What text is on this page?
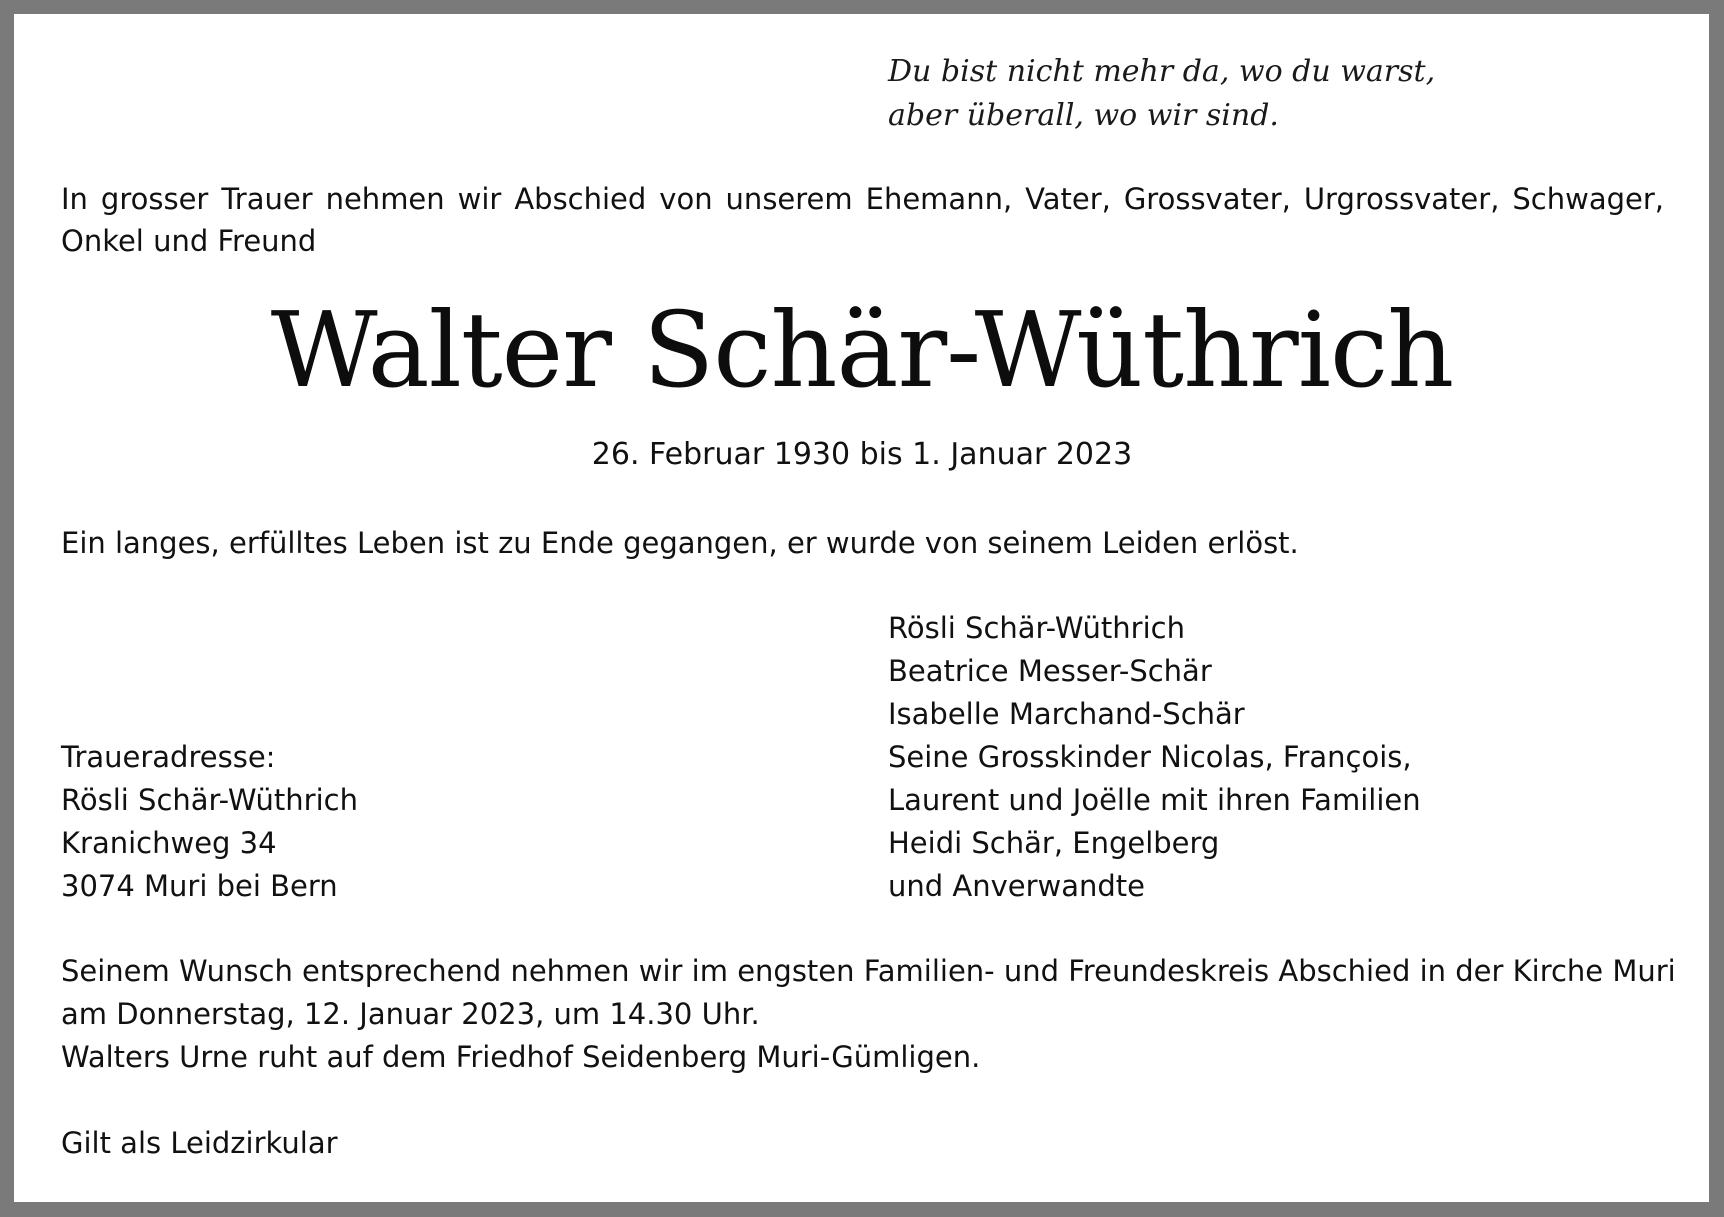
Du bist nicht mehr da, wo du warst,
aber überall, wo wir sind.
In grosser Trauer nehmen wir Abschied von unserem Ehemann, Vater, Grossvater, Urgrossvater, Schwager, Onkel und Freund
Walter Schär-Wüthrich
26. Februar 1930 bis 1. Januar 2023
Ein langes, erfülltes Leben ist zu Ende gegangen, er wurde von seinem Leiden erlöst.
Rösli Schär-Wüthrich
Beatrice Messer-Schär
Isabelle Marchand-Schär
Seine Grosskinder Nicolas, François,
Laurent und Joëlle mit ihren Familien
Heidi Schär, Engelberg
und Anverwandte
Traueradresse:
Rösli Schär-Wüthrich
Kranichweg 34
3074 Muri bei Bern
Seinem Wunsch entsprechend nehmen wir im engsten Familien- und Freundeskreis Abschied in der Kirche Muri
am Donnerstag, 12. Januar 2023, um 14.30 Uhr.
Walters Urne ruht auf dem Friedhof Seidenberg Muri-Gümligen.
Gilt als Leidzirkular
